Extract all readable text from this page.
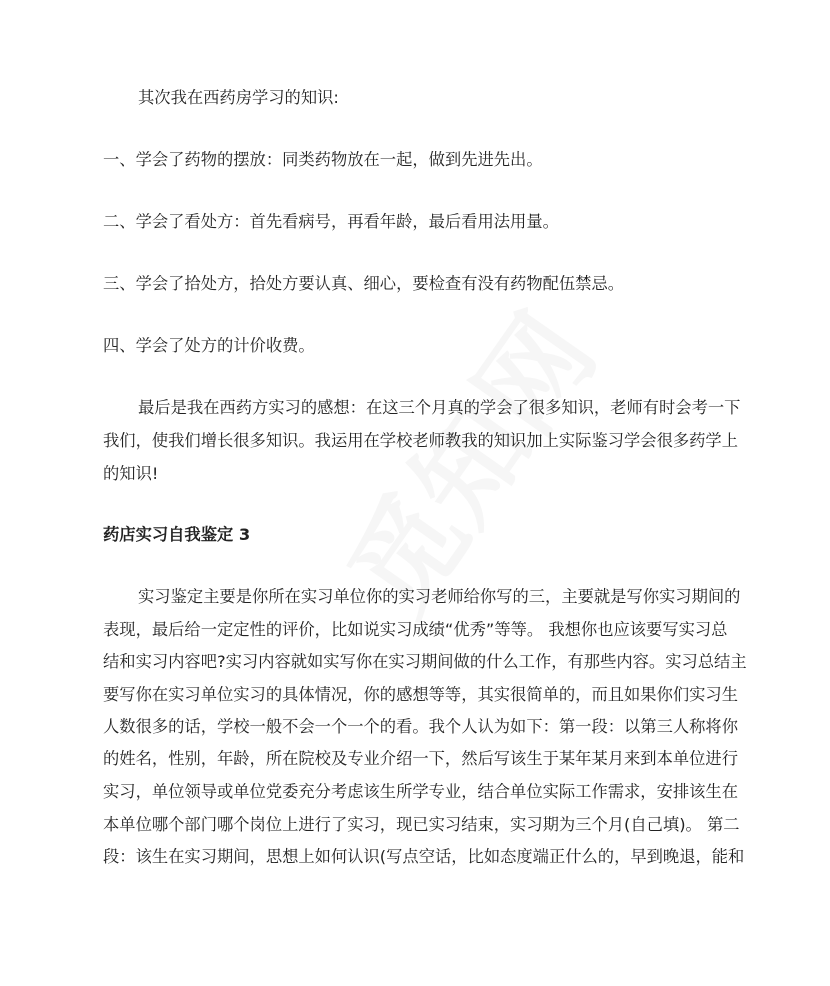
其次我在西药房学习的知识:
一、学会了药物的摆放：同类药物放在一起，做到先进先出。
二、学会了看处方：首先看病号，再看年龄，最后看用法用量。
三、学会了拾处方，拾处方要认真、细心，要检查有没有药物配伍禁忌。
四、学会了处方的计价收费。
最后是我在西药方实习的感想：在这三个月真的学会了很多知识，老师有时会考一下
我们，使我们增长很多知识。我运用在学校老师教我的知识加上实际鉴习学会很多药学上
的知识!
药店实习自我鉴定 3
实习鉴定主要是你所在实习单位你的实习老师给你写的三，主要就是写你实习期间的
表现，最后给一定定性的评价，比如说实习成绩“优秀”等等。 我想你也应该要写实习总
结和实习内容吧?实习内容就如实写你在实习期间做的什么工作，有那些内容。实习总结主
要写你在实习单位实习的具体情况，你的感想等等，其实很简单的，而且如果你们实习生
人数很多的话，学校一般不会一个一个的看。我个人认为如下：第一段：以第三人称将你
的姓名，性别，年龄，所在院校及专业介绍一下，然后写该生于某年某月来到本单位进行
实习，单位领导或单位党委充分考虑该生所学专业，结合单位实际工作需求，安排该生在
本单位哪个部门哪个岗位上进行了实习，现已实习结束，实习期为三个月(自己填)。 第二
段：该生在实习期间，思想上如何认识(写点空话，比如态度端正什么的，早到晚退，能和
